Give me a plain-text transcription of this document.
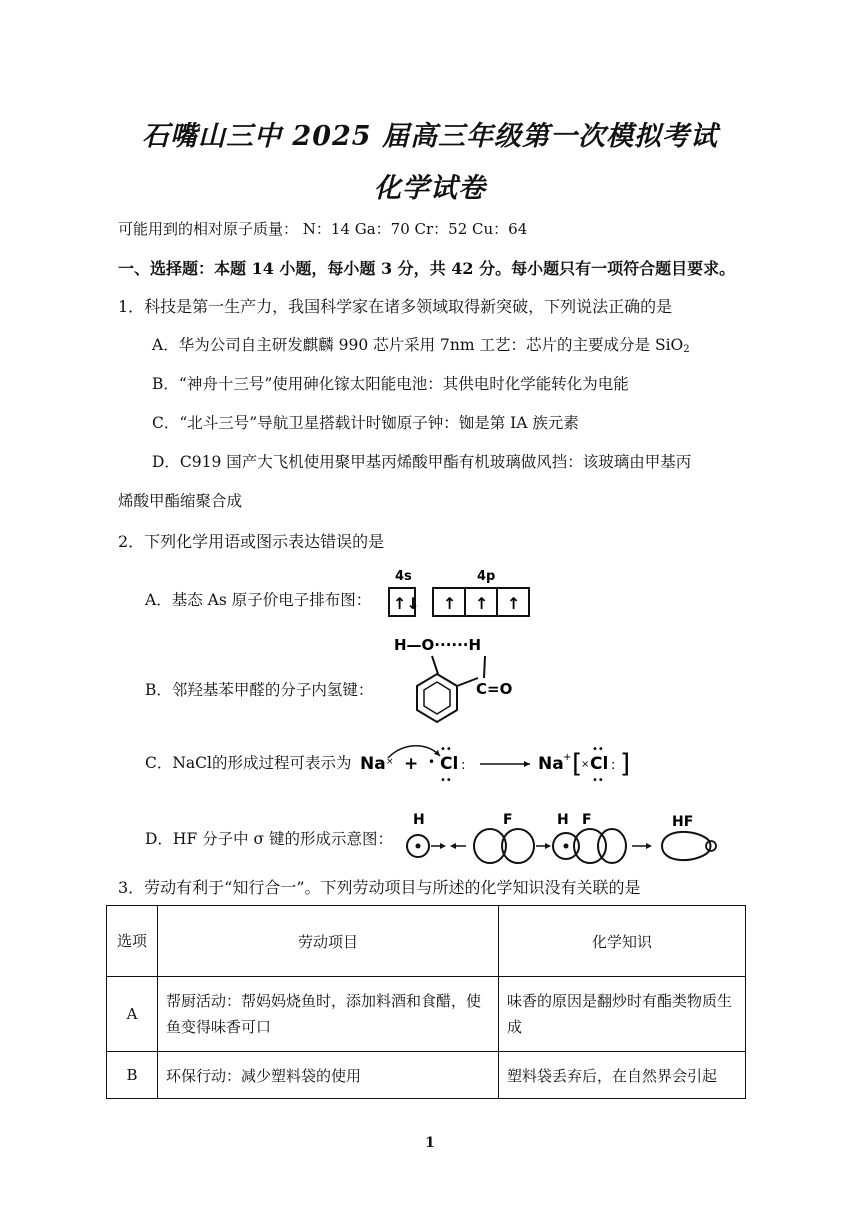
石嘴山三中 2025 届高三年级第一次模拟考试
化学试卷
可能用到的相对原子质量： N：14 Ga：70 Cr：52 Cu：64
一、选择题：本题 14 小题，每小题 3 分，共 42 分。每小题只有一项符合题目要求。
1．科技是第一生产力，我国科学家在诸多领域取得新突破，下列说法正确的是
A．华为公司自主研发麒麟 990 芯片采用 7nm 工艺：芯片的主要成分是 SiO$_2$
B．“神舟十三号”使用砷化镓太阳能电池：其供电时化学能转化为电能
C．“北斗三号”导航卫星搭载计时铷原子钟：铷是第 IA 族元素
D．C919 国产大飞机使用聚甲基丙烯酸甲酯有机玻璃做风挡：该玻璃由甲基丙
烯酸甲酯缩聚合成
2．下列化学用语或图示表达错误的是
A．基态 As 原子价电子排布图：
4s	4p
↑↓ ↑ ↑ ↑
B．邻羟基苯甲醛的分子内氢键：
H—O······H
C=O
C．NaCl的形成过程可表示为 Na × + • Cl
••
••
:	Na + [
× Cl
••
••
: ]
D．HF 分子中 σ 键的形成示意图：
H	F	H F	HF
3．劳动有利于“知行合一”。下列劳动项目与所述的化学知识没有关联的是
选项	劳动项目	化学知识
A	帮厨活动：帮妈妈烧鱼时，添加料酒和食醋，使鱼变得味香可口	味香的原因是翻炒时有酯类物质生成
B	环保行动：减少塑料袋的使用	塑料袋丢弃后，在自然界会引起
1
